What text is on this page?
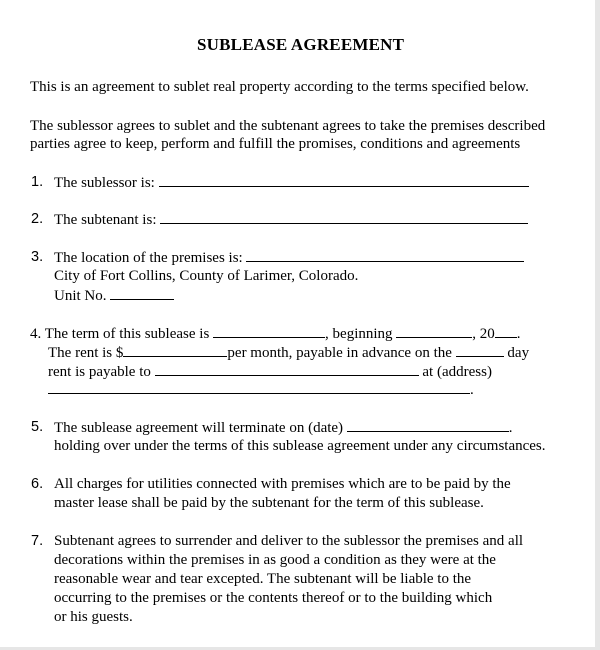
SUBLEASE AGREEMENT
This is an agreement to sublet real property according to the terms specified below.
The sublessor agrees to sublet and the subtenant agrees to take the premises described
parties agree to keep, perform and fulfill the promises, conditions and agreements
1. The sublessor is:
2. The subtenant is:
3. The location of the premises is:
City of Fort Collins, County of Larimer, Colorado.
Unit No.
4. The term of this sublease is	, beginning	, 20 .
The rent is $	per month, payable in advance on the	day
rent is payable to	at (address)
.
5. The sublease agreement will terminate on (date)	.
holding over under the terms of this sublease agreement under any circumstances.
6. All charges for utilities connected with premises which are to be paid by the
master lease shall be paid by the subtenant for the term of this sublease.
7. Subtenant agrees to surrender and deliver to the sublessor the premises and all
decorations within the premises in as good a condition as they were at the
reasonable wear and tear excepted. The subtenant will be liable to the
occurring to the premises or the contents thereof or to the building which
or his guests.
